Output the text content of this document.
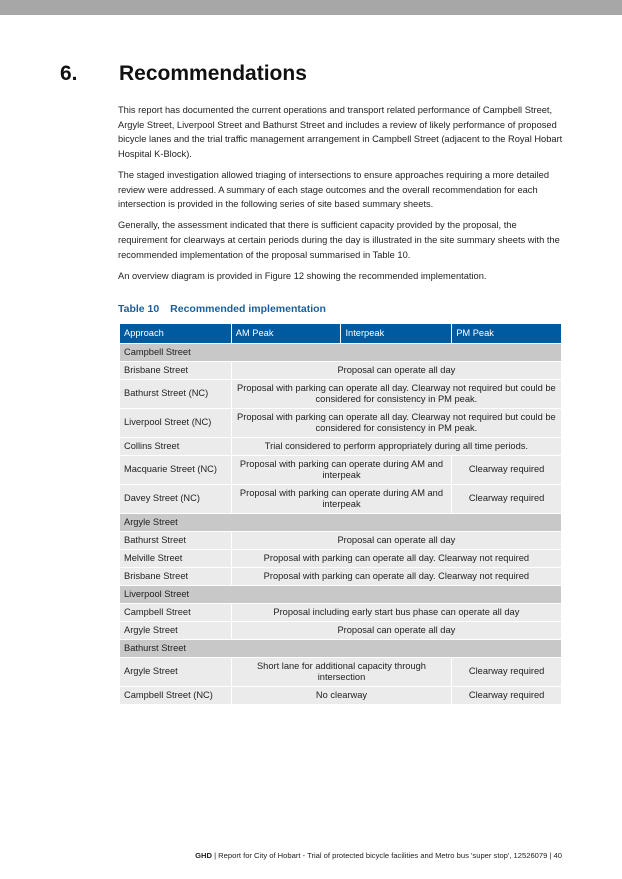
6. Recommendations

This report has documented the current operations and transport related performance of Campbell Street, Argyle Street, Liverpool Street and Bathurst Street and includes a review of likely performance of proposed bicycle lanes and the trial traffic management arrangement in Campbell Street (adjacent to the Royal Hobart Hospital K-Block).

The staged investigation allowed triaging of intersections to ensure approaches requiring a more detailed review were addressed. A summary of each stage outcomes and the overall recommendation for each intersection is provided in the following series of site based summary sheets.

Generally, the assessment indicated that there is sufficient capacity provided by the proposal, the requirement for clearways at certain periods during the day is illustrated in the site summary sheets with the recommended implementation of the proposal summarised in Table 10.

An overview diagram is provided in Figure 12 showing the recommended implementation.

Table 10 Recommended implementation
Approach	AM Peak	Interpeak	PM Peak
Campbell Street			
Brisbane Street	Proposal can operate all day		
Bathurst Street (NC)	Proposal with parking can operate all day. Clearway not required but could be considered for consistency in PM peak.		
Liverpool Street (NC)	Proposal with parking can operate all day. Clearway not required but could be considered for consistency in PM peak.		
Collins Street	Trial considered to perform appropriately during all time periods.		
Macquarie Street (NC)	Proposal with parking can operate during AM and interpeak		Clearway required
Davey Street (NC)	Proposal with parking can operate during AM and interpeak		Clearway required
Argyle Street			
Bathurst Street	Proposal can operate all day		
Melville Street	Proposal with parking can operate all day. Clearway not required		
Brisbane Street	Proposal with parking can operate all day. Clearway not required		
Liverpool Street			
Campbell Street	Proposal including early start bus phase can operate all day		
Argyle Street	Proposal can operate all day		
Bathurst Street			
Argyle Street	Short lane for additional capacity through intersection		Clearway required
Campbell Street (NC)	No clearway		Clearway required
GHD | Report for City of Hobart - Trial of protected bicycle facilities and Metro bus 'super stop', 12526079 | 40
